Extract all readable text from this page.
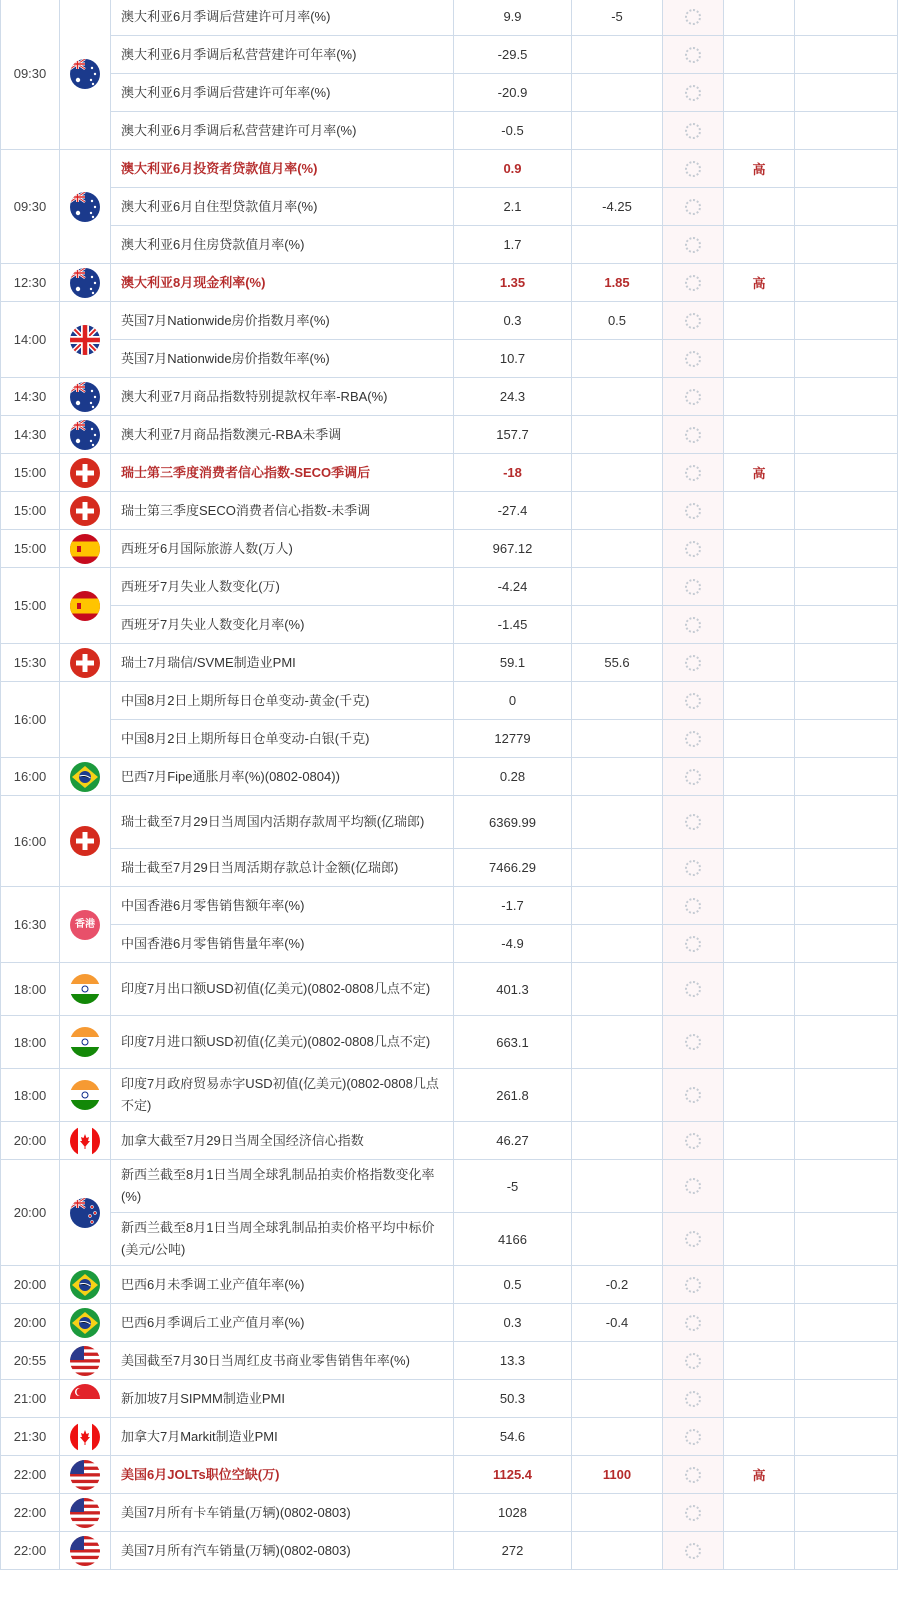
09:30		澳大利亚6月季调后营建许可月率(%)	9.9	-5			
		澳大利亚6月季调后私营营建许可年率(%)	-29.5				
		澳大利亚6月季调后营建许可年率(%)	-20.9				
		澳大利亚6月季调后私营营建许可月率(%)	-0.5				
09:30		澳大利亚6月投资者贷款值月率(%)	0.9			高	
		澳大利亚6月自住型贷款值月率(%)	2.1	-4.25			
		澳大利亚6月住房贷款值月率(%)	1.7				
12:30		澳大利亚8月现金利率(%)	1.35	1.85		高	
14:00		英国7月Nationwide房价指数月率(%)	0.3	0.5			
		英国7月Nationwide房价指数年率(%)	10.7				
14:30		澳大利亚7月商品指数特别提款权年率-RBA(%)	24.3				
14:30		澳大利亚7月商品指数澳元-RBA未季调	157.7				
15:00		瑞士第三季度消费者信心指数-SECO季调后	-18			高	
15:00		瑞士第三季度SECO消费者信心指数-未季调	-27.4				
15:00		西班牙6月国际旅游人数(万人)	967.12				
15:00		西班牙7月失业人数变化(万)	-4.24				
		西班牙7月失业人数变化月率(%)	-1.45				
15:30		瑞士7月瑞信/SVME制造业PMI	59.1	55.6			
16:00		中国8月2日上期所每日仓单变动-黄金(千克)	0				
		中国8月2日上期所每日仓单变动-白银(千克)	12779				
16:00		巴西7月Fipe通胀月率(%)(0802-0804))	0.28				
16:00		瑞士截至7月29日当周国内活期存款周平均额(亿瑞郎)	6369.99				
		瑞士截至7月29日当周活期存款总计金额(亿瑞郎)	7466.29				
16:30	香港	中国香港6月零售销售额年率(%)	-1.7				
		中国香港6月零售销售量年率(%)	-4.9				
18:00		印度7月出口额USD初值(亿美元)(0802-0808几点不定)	401.3				
18:00		印度7月进口额USD初值(亿美元)(0802-0808几点不定)	663.1				
18:00		印度7月政府贸易赤字USD初值(亿美元)(0802-0808几点不定)	261.8				
20:00		加拿大截至7月29日当周全国经济信心指数	46.27				
20:00		新西兰截至8月1日当周全球乳制品拍卖价格指数变化率(%)	-5				
		新西兰截至8月1日当周全球乳制品拍卖价格平均中标价(美元/公吨)	4166				
20:00		巴西6月未季调工业产值年率(%)	0.5	-0.2			
20:00		巴西6月季调后工业产值月率(%)	0.3	-0.4			
20:55		美国截至7月30日当周红皮书商业零售销售年率(%)	13.3				
21:00		新加坡7月SIPMM制造业PMI	50.3				
21:30		加拿大7月Markit制造业PMI	54.6				
22:00		美国6月JOLTs职位空缺(万)	1125.4	1100		高	
22:00		美国7月所有卡车销量(万辆)(0802-0803)	1028				
22:00		美国7月所有汽车销量(万辆)(0802-0803)	272				
